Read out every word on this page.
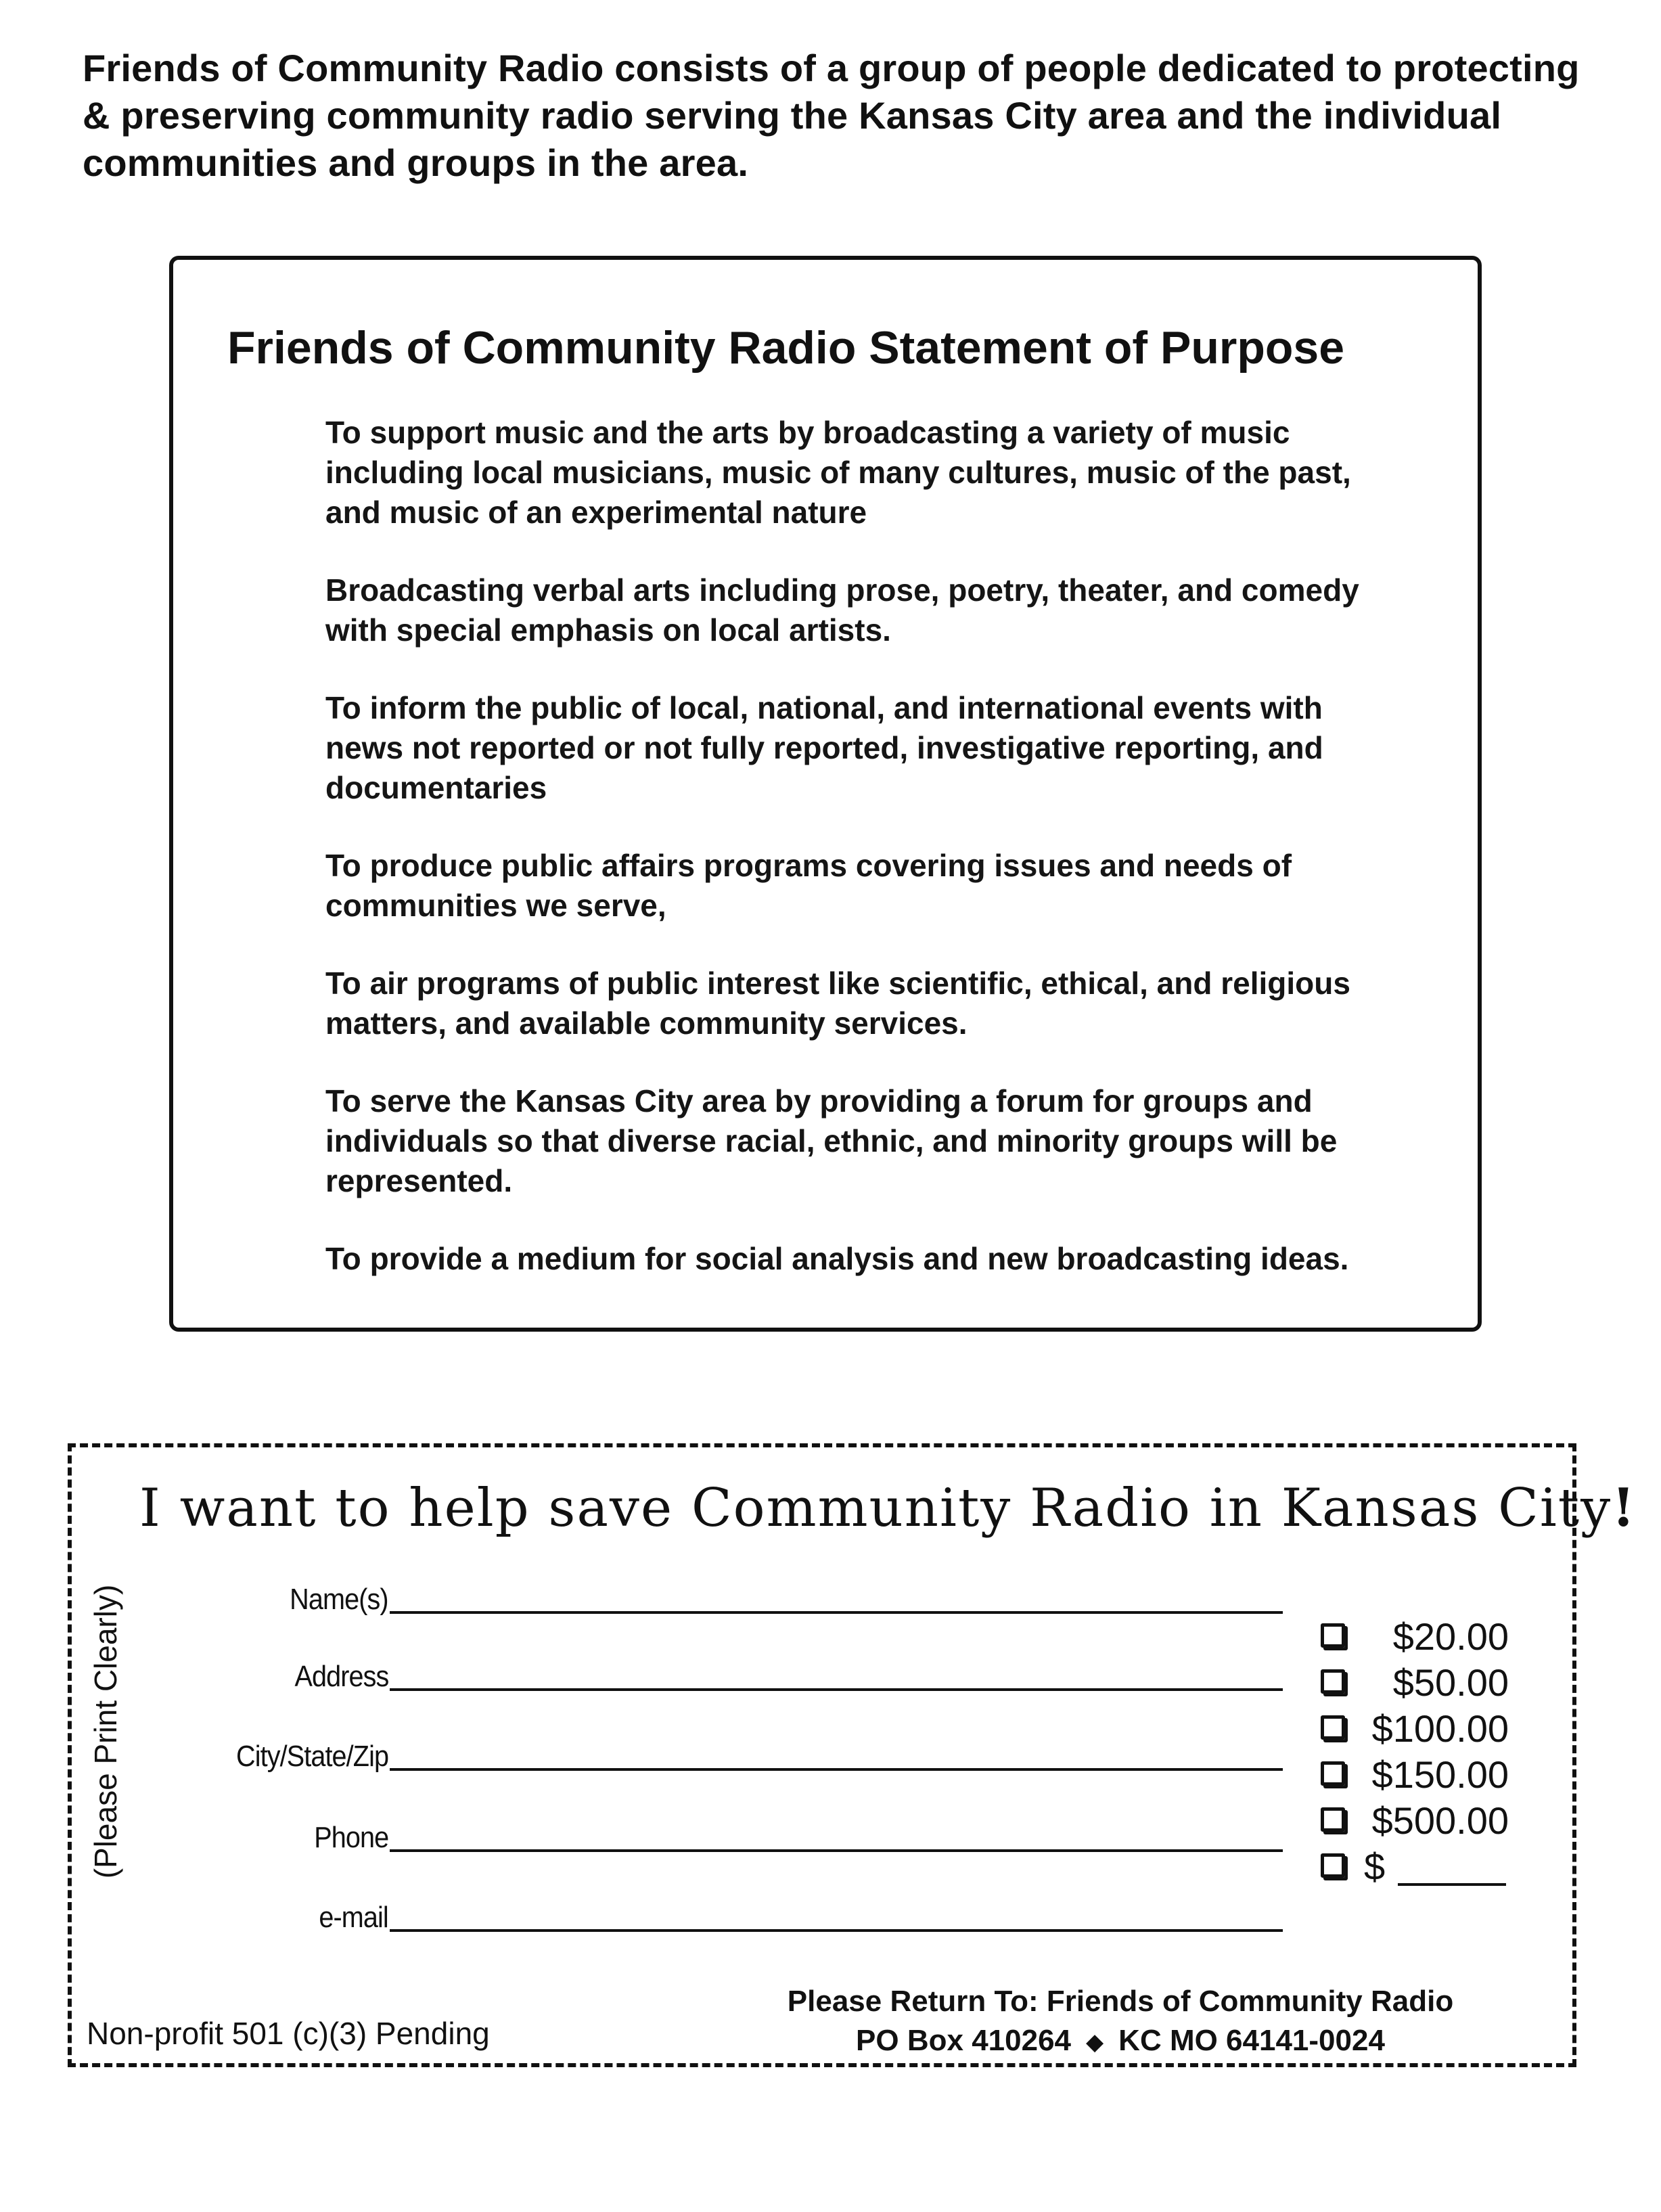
Friends of Community Radio consists of a group of people dedicated to protecting & preserving community radio serving the Kansas City area and the individual communities and groups in the area.
Friends of Community Radio Statement of Purpose
To support music and the arts by broadcasting a variety of music including local musicians, music of many cultures, music of the past, and music of an experimental nature
Broadcasting verbal arts including prose, poetry, theater, and comedy with special emphasis on local artists.
To inform the public of local, national, and international events with news not reported or not fully reported, investigative reporting, and documentaries
To produce public affairs programs covering issues and needs of communities we serve,
To air programs of public interest like scientific, ethical, and religious matters, and available community services.
To serve the Kansas City area by providing a forum for groups and individuals so that diverse racial, ethnic, and minority groups will be represented.
To provide a medium for social analysis and new broadcasting ideas.
I want to help save Community Radio in Kansas City!
(Please Print Clearly)	Name(s)
Address
City/State/Zip
Phone
e-mail
$20.00
$50.00
$100.00
$150.00
$500.00
$
Non-profit 501 (c)(3) Pending
Please Return To: Friends of Community Radio
PO Box 410264 ◆ KC MO 64141-0024
